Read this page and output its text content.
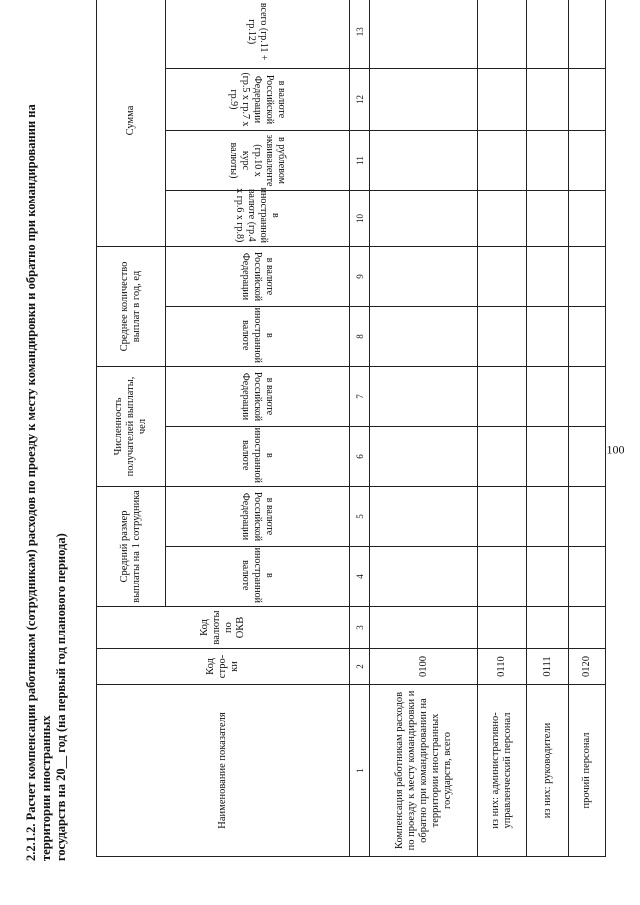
100
2.2.1.2. Расчет компенсации работникам (сотрудникам) расходов по проезду к месту командировки и обратно при командировании на территории иностранных государств на 20__ год (на первый год планового периода)	Наименование показателя	Код стро- ки	Код валюты по ОКВ	Средний размер выплаты на 1 сотрудника		Численность получателей выплаты, чел		Среднее количество выплат в год, ед		Сумма			
			в иностранной валюте	в валюте Российской Федерации	в иностранной валюте	в валюте Российской Федерации	в иностранной валюте	в валюте Российской Федерации	в иностранной валюте (гр.4 х гр.6 х гр.8)	в рублевом эквиваленте (гр.10 х курс валюты)	в валюте Российской Федерации (гр.5 х гр.7 х гр.9)	всего (гр.11 + гр.12)
1	2	3	4	5	6	7	8	9	10	11	12	13
Компенсация работникам расходов по проезду к месту командировки и обратно при командировании на территории иностранных государств, всего	0100											
из них: административно-управленческий персонал	0110											
из них: руководители	0111											
прочий персонал	0120											
